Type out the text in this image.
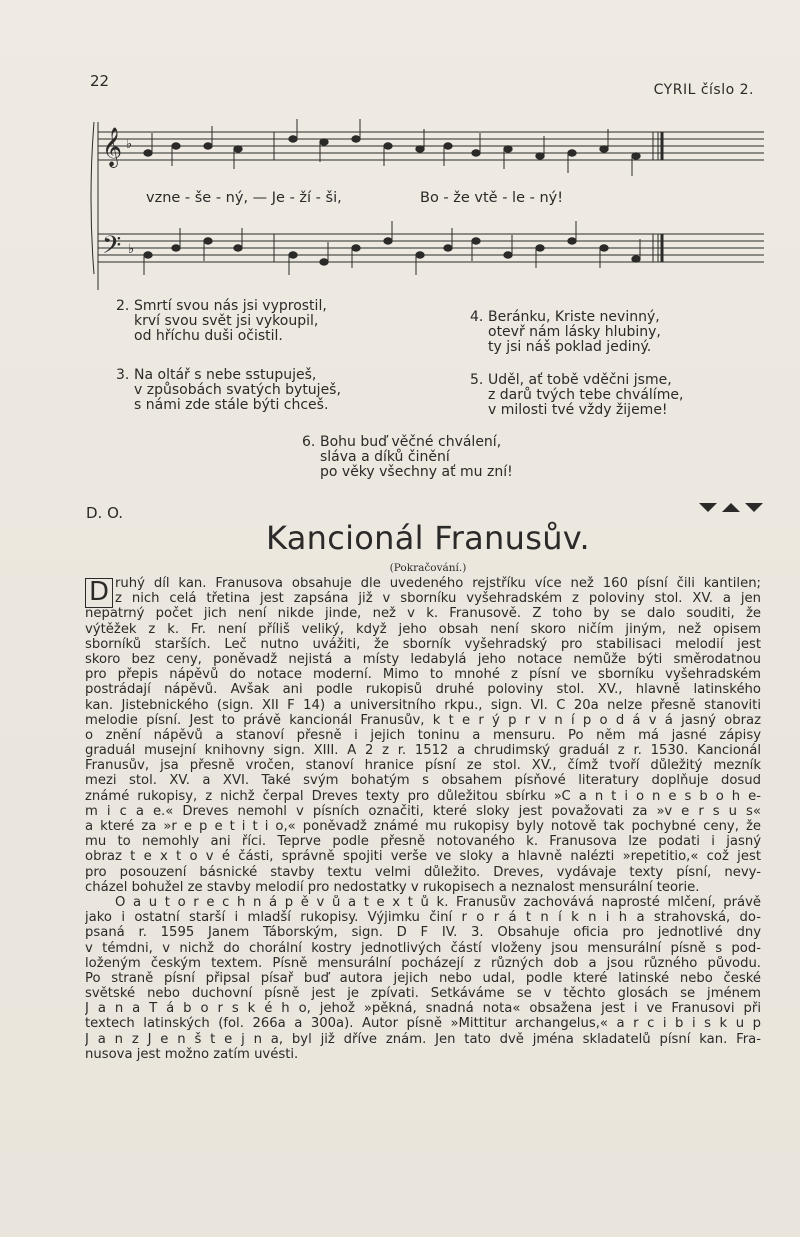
22	CYRIL číslo 2.
𝄞 ♭
𝄢 ♭
vzne - še - ný, — Je - ží - ši,	Bo - že vtě - le - ný!
2. Smrtí svou nás jsi vyprostil,
krví svou svět jsi vykoupil,
od hříchu duši očistil.
3. Na oltář s nebe sstupuješ,
v způsobách svatých bytuješ,
s námi zde stále býti chceš.
4. Beránku, Kriste nevinný,
otevř nám lásky hlubiny,
ty jsi náš poklad jediný.
5. Uděl, ať tobě vděčni jsme,
z darů tvých tebe chválíme,
v milosti tvé vždy žijeme!
6. Bohu buď věčné chválení,
sláva a díků činění
po věky všechny ať mu zní!
D. O.
Kancionál Franusův.
(Pokračování.)
D ruhý díl kan. Franusova obsahuje dle uvedeného rejstříku více než 160 písní čili kantilen;
z nich celá třetina jest zapsána již v sborníku vyšehradském z poloviny stol. XV. a jen
nepatrný počet jich není nikde jinde, než v k. Franusově. Z toho by se dalo souditi, že
výtěžek z k. Fr. není příliš veliký, když jeho obsah není skoro ničím jiným, než opisem
sborníků starších. Leč nutno uvážiti, že sborník vyšehradský pro stabilisaci melodií jest
skoro bez ceny, poněvadž nejistá a místy ledabylá jeho notace nemůže býti směrodatnou
pro přepis nápěvů do notace moderní. Mimo to mnohé z písní ve sborníku vyšehradském
postrádají nápěvů. Avšak ani podle rukopisů druhé poloviny stol. XV., hlavně latinského
kan. Jistebnického (sign. XII F 14) a universitního rkpu., sign. VI. C 20a nelze přesně stanoviti
melodie písní. Jest to právě kancionál Franusův, k t e r ý p r v n í p o d á v á jasný obraz
o znění nápěvů a stanoví přesně i jejich toninu a mensuru. Po něm má jasné zápisy
graduál musejní knihovny sign. XIII. A 2 z r. 1512 a chrudimský graduál z r. 1530. Kancionál
Franusův, jsa přesně vročen, stanoví hranice písní ze stol. XV., čímž tvoří důležitý mezník
mezi stol. XV. a XVI. Také svým bohatým s obsahem písňové literatury doplňuje dosud
známé rukopisy, z nichž čerpal Dreves texty pro důležitou sbírku »C a n t i o n e s b o h e-
m i c a e.« Dreves nemohl v písních označiti, které sloky jest považovati za »v e r s u s«
a které za »r e p e t i t i o,« poněvadž známé mu rukopisy byly notově tak pochybné ceny, že
mu to nemohly ani říci. Teprve podle přesně notovaného k. Franusova lze podati i jasný
obraz t e x t o v é části, správně spojiti verše ve sloky a hlavně nalézti »repetitio,« což jest
pro posouzení básnické stavby textu velmi důležito. Dreves, vydávaje texty písní, nevy-
cházel bohužel ze stavby melodií pro nedostatky v rukopisech a neznalost mensurální teorie.
O a u t o r e c h n á p ě v ů a t e x t ů k. Franusův zachovává naprosté mlčení, právě
jako i ostatní starší i mladší rukopisy. Výjimku činí r o r á t n í k n i h a strahovská, do-
psaná r. 1595 Janem Táborským, sign. D F IV. 3. Obsahuje oficia pro jednotlivé dny
v témdni, v nichž do chorální kostry jednotlivých částí vloženy jsou mensurální písně s pod-
loženým českým textem. Písně mensurální pocházejí z různých dob a jsou různého původu.
Po straně písní připsal písař buď autora jejich nebo udal, podle které latinské nebo české
světské nebo duchovní písně jest je zpívati. Setkáváme se v těchto glosách se jménem
J a n a T á b o r s k é h o, jehož »pěkná, snadná nota« obsažena jest i ve Franusovi při
textech latinských (fol. 266a a 300a). Autor písně »Mittitur archangelus,« a r c i b i s k u p
J a n z J e n š t e j n a, byl již dříve znám. Jen tato dvě jména skladatelů písní kan. Fra-
nusova jest možno zatím uvésti.
